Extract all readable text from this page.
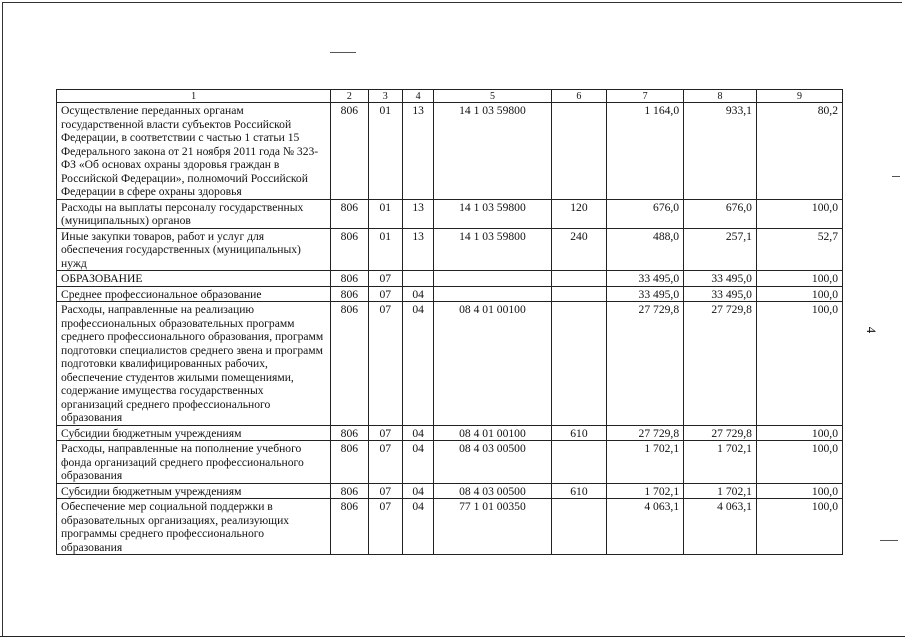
1	2	3	4	5	6	7	8	9
Осуществление переданных органам государственной власти субъектов Российской Федерации, в соответствии с частью 1 статьи 15 Федерального закона от 21 ноября 2011 года № 323-ФЗ «Об основах охраны здоровья граждан в Российской Федерации», полномочий Российской Федерации в сфере охраны здоровья	806	01	13	14 1 03 59800		1 164,0	933,1	80,2
Расходы на выплаты персоналу государственных (муниципальных) органов	806	01	13	14 1 03 59800	120	676,0	676,0	100,0
Иные закупки товаров, работ и услуг для обеспечения государственных (муниципальных) нужд	806	01	13	14 1 03 59800	240	488,0	257,1	52,7
ОБРАЗОВАНИЕ	806	07				33 495,0	33 495,0	100,0
Среднее профессиональное образование	806	07	04			33 495,0	33 495,0	100,0
Расходы, направленные на реализацию профессиональных образовательных программ среднего профессионального образования, программ подготовки специалистов среднего звена и программ подготовки квалифицированных рабочих, обеспечение студентов жилыми помещениями, содержание имущества государственных организаций среднего профессионального образования	806	07	04	08 4 01 00100		27 729,8	27 729,8	100,0
Субсидии бюджетным учреждениям	806	07	04	08 4 01 00100	610	27 729,8	27 729,8	100,0
Расходы, направленные на пополнение учебного фонда организаций среднего профессионального образования	806	07	04	08 4 03 00500		1 702,1	1 702,1	100,0
Субсидии бюджетным учреждениям	806	07	04	08 4 03 00500	610	1 702,1	1 702,1	100,0
Обеспечение мер социальной поддержки в образовательных организациях, реализующих программы среднего профессионального образования	806	07	04	77 1 01 00350		4 063,1	4 063,1	100,0
4
